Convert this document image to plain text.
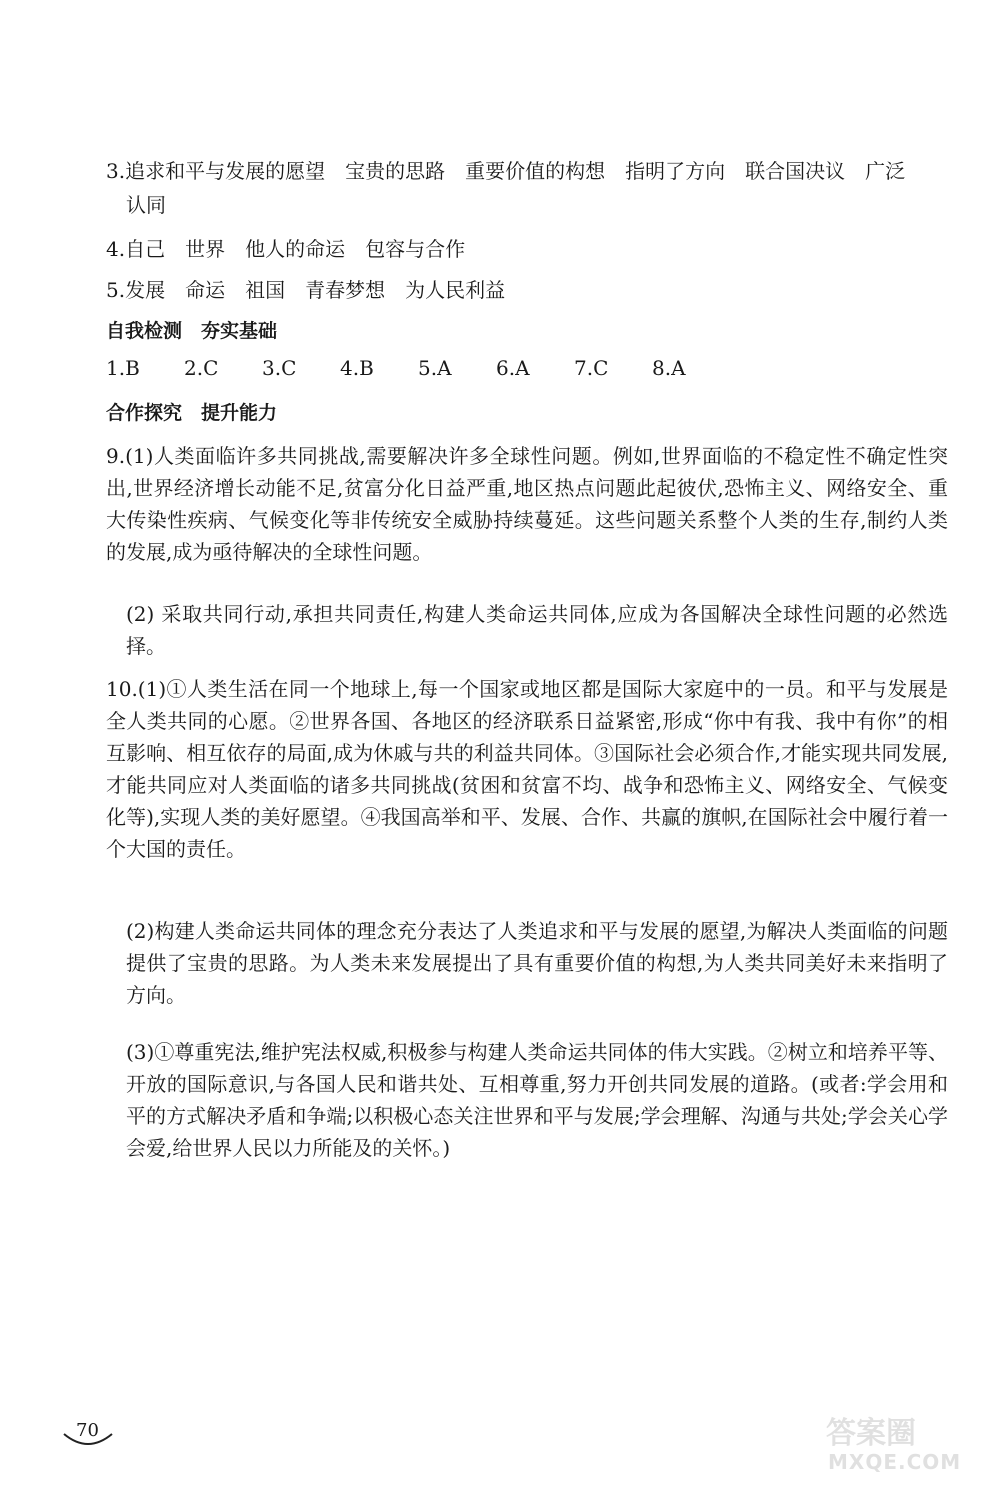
3.追求和平与发展的愿望　宝贵的思路　重要价值的构想　指明了方向　联合国决议　广泛
认同
4.自己　世界　他人的命运　包容与合作
5.发展　命运　祖国　青春梦想　为人民利益
自我检测　夯实基础
1.B	2.C	3.C	4.B	5.A	6.A	7.C	8.A
合作探究　提升能力
9.(1)人类面临许多共同挑战,需要解决许多全球性问题。例如,世界面临的不稳定性不确定性突出,世界经济增长动能不足,贫富分化日益严重,地区热点问题此起彼伏,恐怖主义、网络安全、重大传染性疾病、气候变化等非传统安全威胁持续蔓延。这些问题关系整个人类的生存,制约人类的发展,成为亟待解决的全球性问题。
(2) 采取共同行动,承担共同责任,构建人类命运共同体,应成为各国解决全球性问题的必然选择。
10.(1)①人类生活在同一个地球上,每一个国家或地区都是国际大家庭中的一员。和平与发展是全人类共同的心愿。②世界各国、各地区的经济联系日益紧密,形成“你中有我、我中有你”的相互影响、相互依存的局面,成为休戚与共的利益共同体。③国际社会必须合作,才能实现共同发展,才能共同应对人类面临的诸多共同挑战(贫困和贫富不均、战争和恐怖主义、网络安全、气候变化等),实现人类的美好愿望。④我国高举和平、发展、合作、共赢的旗帜,在国际社会中履行着一个大国的责任。
(2)构建人类命运共同体的理念充分表达了人类追求和平与发展的愿望,为解决人类面临的问题提供了宝贵的思路。为人类未来发展提出了具有重要价值的构想,为人类共同美好未来指明了方向。
(3)①尊重宪法,维护宪法权威,积极参与构建人类命运共同体的伟大实践。②树立和培养平等、开放的国际意识,与各国人民和谐共处、互相尊重,努力开创共同发展的道路。(或者:学会用和平的方式解决矛盾和争端;以积极心态关注世界和平与发展;学会理解、沟通与共处;学会关心学会爱,给世界人民以力所能及的关怀。)
70	答案圈
MXQE.COM
